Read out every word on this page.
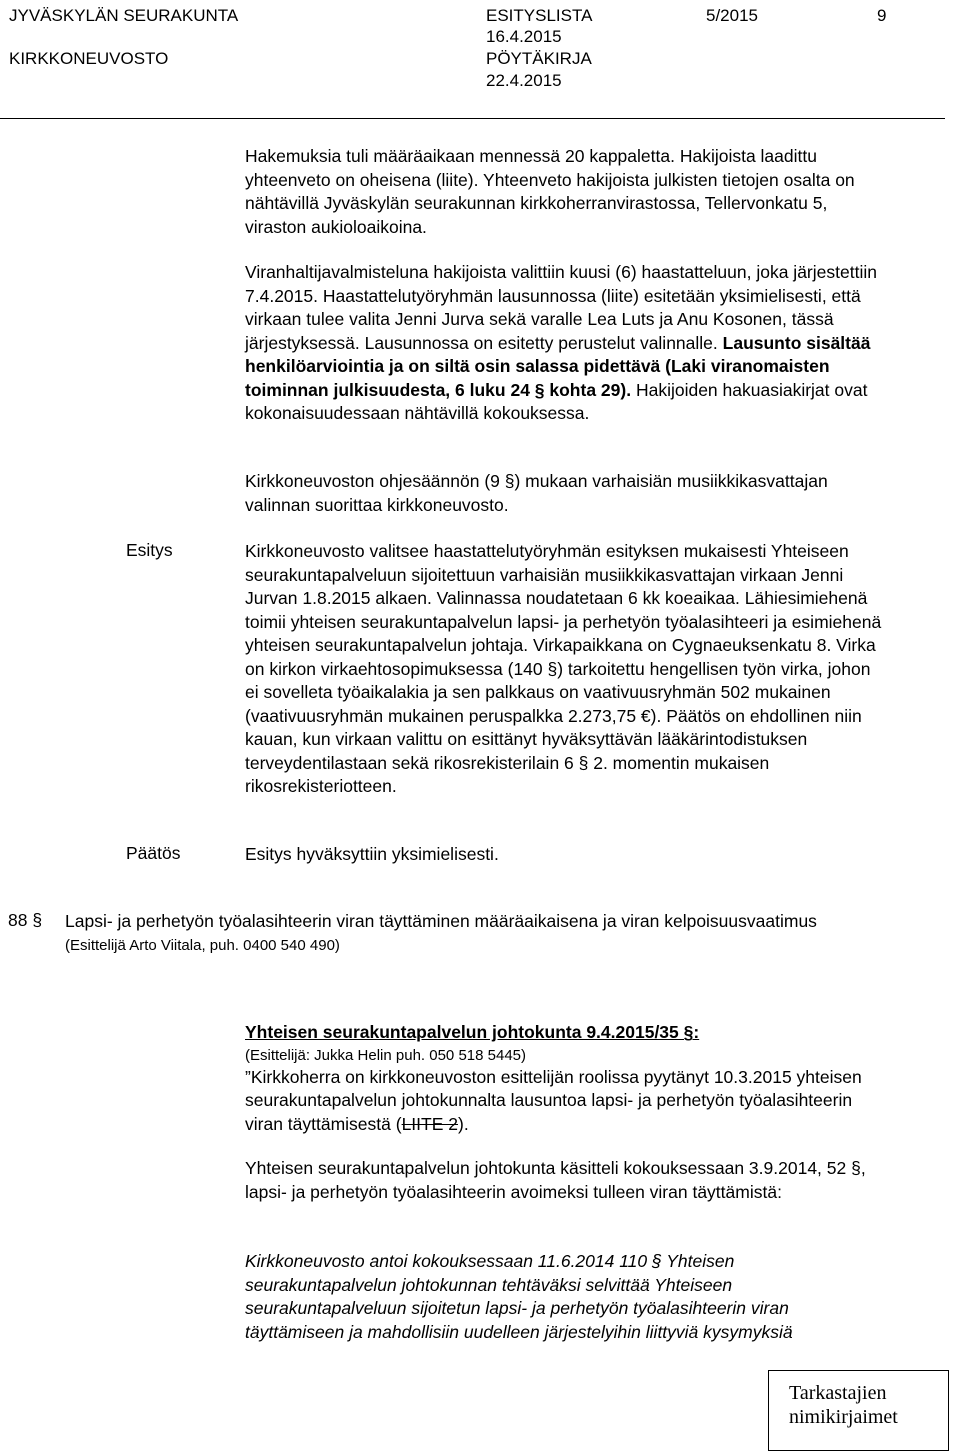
JYVÄSKYLÄN SEURAKUNTA
KIRKKONEUVOSTO
ESITYSLISTA
16.4.2015
PÖYTÄKIRJA
22.4.2015
5/2015	9

Hakemuksia tuli määräaikaan mennessä 20 kappaletta. Hakijoista laadittu yhteenveto on oheisena (liite). Yhteenveto hakijoista julkisten tietojen osalta on nähtävillä Jyväskylän seurakunnan kirkkoherranvirastossa, Tellervonkatu 5, viraston aukioloaikoina.

Viranhaltijavalmisteluna hakijoista valittiin kuusi (6) haastatteluun, joka järjestettiin 7.4.2015. Haastattelutyöryhmän lausunnossa (liite) esitetään yksimielisesti, että virkaan tulee valita Jenni Jurva sekä varalle Lea Luts ja Anu Kosonen, tässä järjestyksessä. Lausunnossa on esitetty perustelut valinnalle. Lausunto sisältää henkilöarviointia ja on siltä osin salassa pidettävä (Laki viranomaisten toiminnan julkisuudesta, 6 luku 24 § kohta 29). Hakijoiden hakuasiakirjat ovat kokonaisuudessaan nähtävillä kokouksessa.

Kirkkoneuvoston ohjesäännön (9 §) mukaan varhaisiän musiikkikasvattajan valinnan suorittaa kirkkoneuvosto.

Esitys	Kirkkoneuvosto valitsee haastattelutyöryhmän esityksen mukaisesti Yhteiseen seurakuntapalveluun sijoitettuun varhaisiän musiikkikasvattajan virkaan Jenni Jurvan 1.8.2015 alkaen. Valinnassa noudatetaan 6 kk koeaikaa. Lähiesimiehenä toimii yhteisen seurakuntapalvelun lapsi- ja perhetyön työalasihteeri ja esimiehenä yhteisen seurakuntapalvelun johtaja. Virkapaikkana on Cygnaeuksenkatu 8. Virka on kirkon virkaehtosopimuksessa (140 §) tarkoitettu hengellisen työn virka, johon ei sovelleta työaikalakia ja sen palkkaus on vaativuusryhmän 502 mukainen (vaativuusryhmän mukainen peruspalkka 2.273,75 €). Päätös on ehdollinen niin kauan, kun virkaan valittu on esittänyt hyväksyttävän lääkärintodistuksen terveydentilastaan sekä rikosrekisterilain 6 § 2. momentin mukaisen rikosrekisteriotteen.

Päätös	Esitys hyväksyttiin yksimielisesti.

88 § Lapsi- ja perhetyön työalasihteerin viran täyttäminen määräaikaisena ja viran kelpoisuusvaatimus
(Esittelijä Arto Viitala, puh. 0400 540 490)
Yhteisen seurakuntapalvelun johtokunta 9.4.2015/35 §:
(Esittelijä: Jukka Helin puh. 050 518 5445)

”Kirkkoherra on kirkkoneuvoston esittelijän roolissa pyytänyt 10.3.2015 yhteisen seurakuntapalvelun johtokunnalta lausuntoa lapsi- ja perhetyön työalasihteerin viran täyttämisestä (LIITE 2).

Yhteisen seurakuntapalvelun johtokunta käsitteli kokouksessaan 3.9.2014, 52 §, lapsi- ja perhetyön työalasihteerin avoimeksi tulleen viran täyttämistä:

Kirkkoneuvosto antoi kokouksessaan 11.6.2014 110 § Yhteisen seurakuntapalvelun johtokunnan tehtäväksi selvittää Yhteiseen seurakuntapalveluun sijoitetun lapsi- ja perhetyön työalasihteerin viran täyttämiseen ja mahdollisiin uudelleen järjestelyihin liittyviä kysymyksiä

Tarkastajien
nimikirjaimet
